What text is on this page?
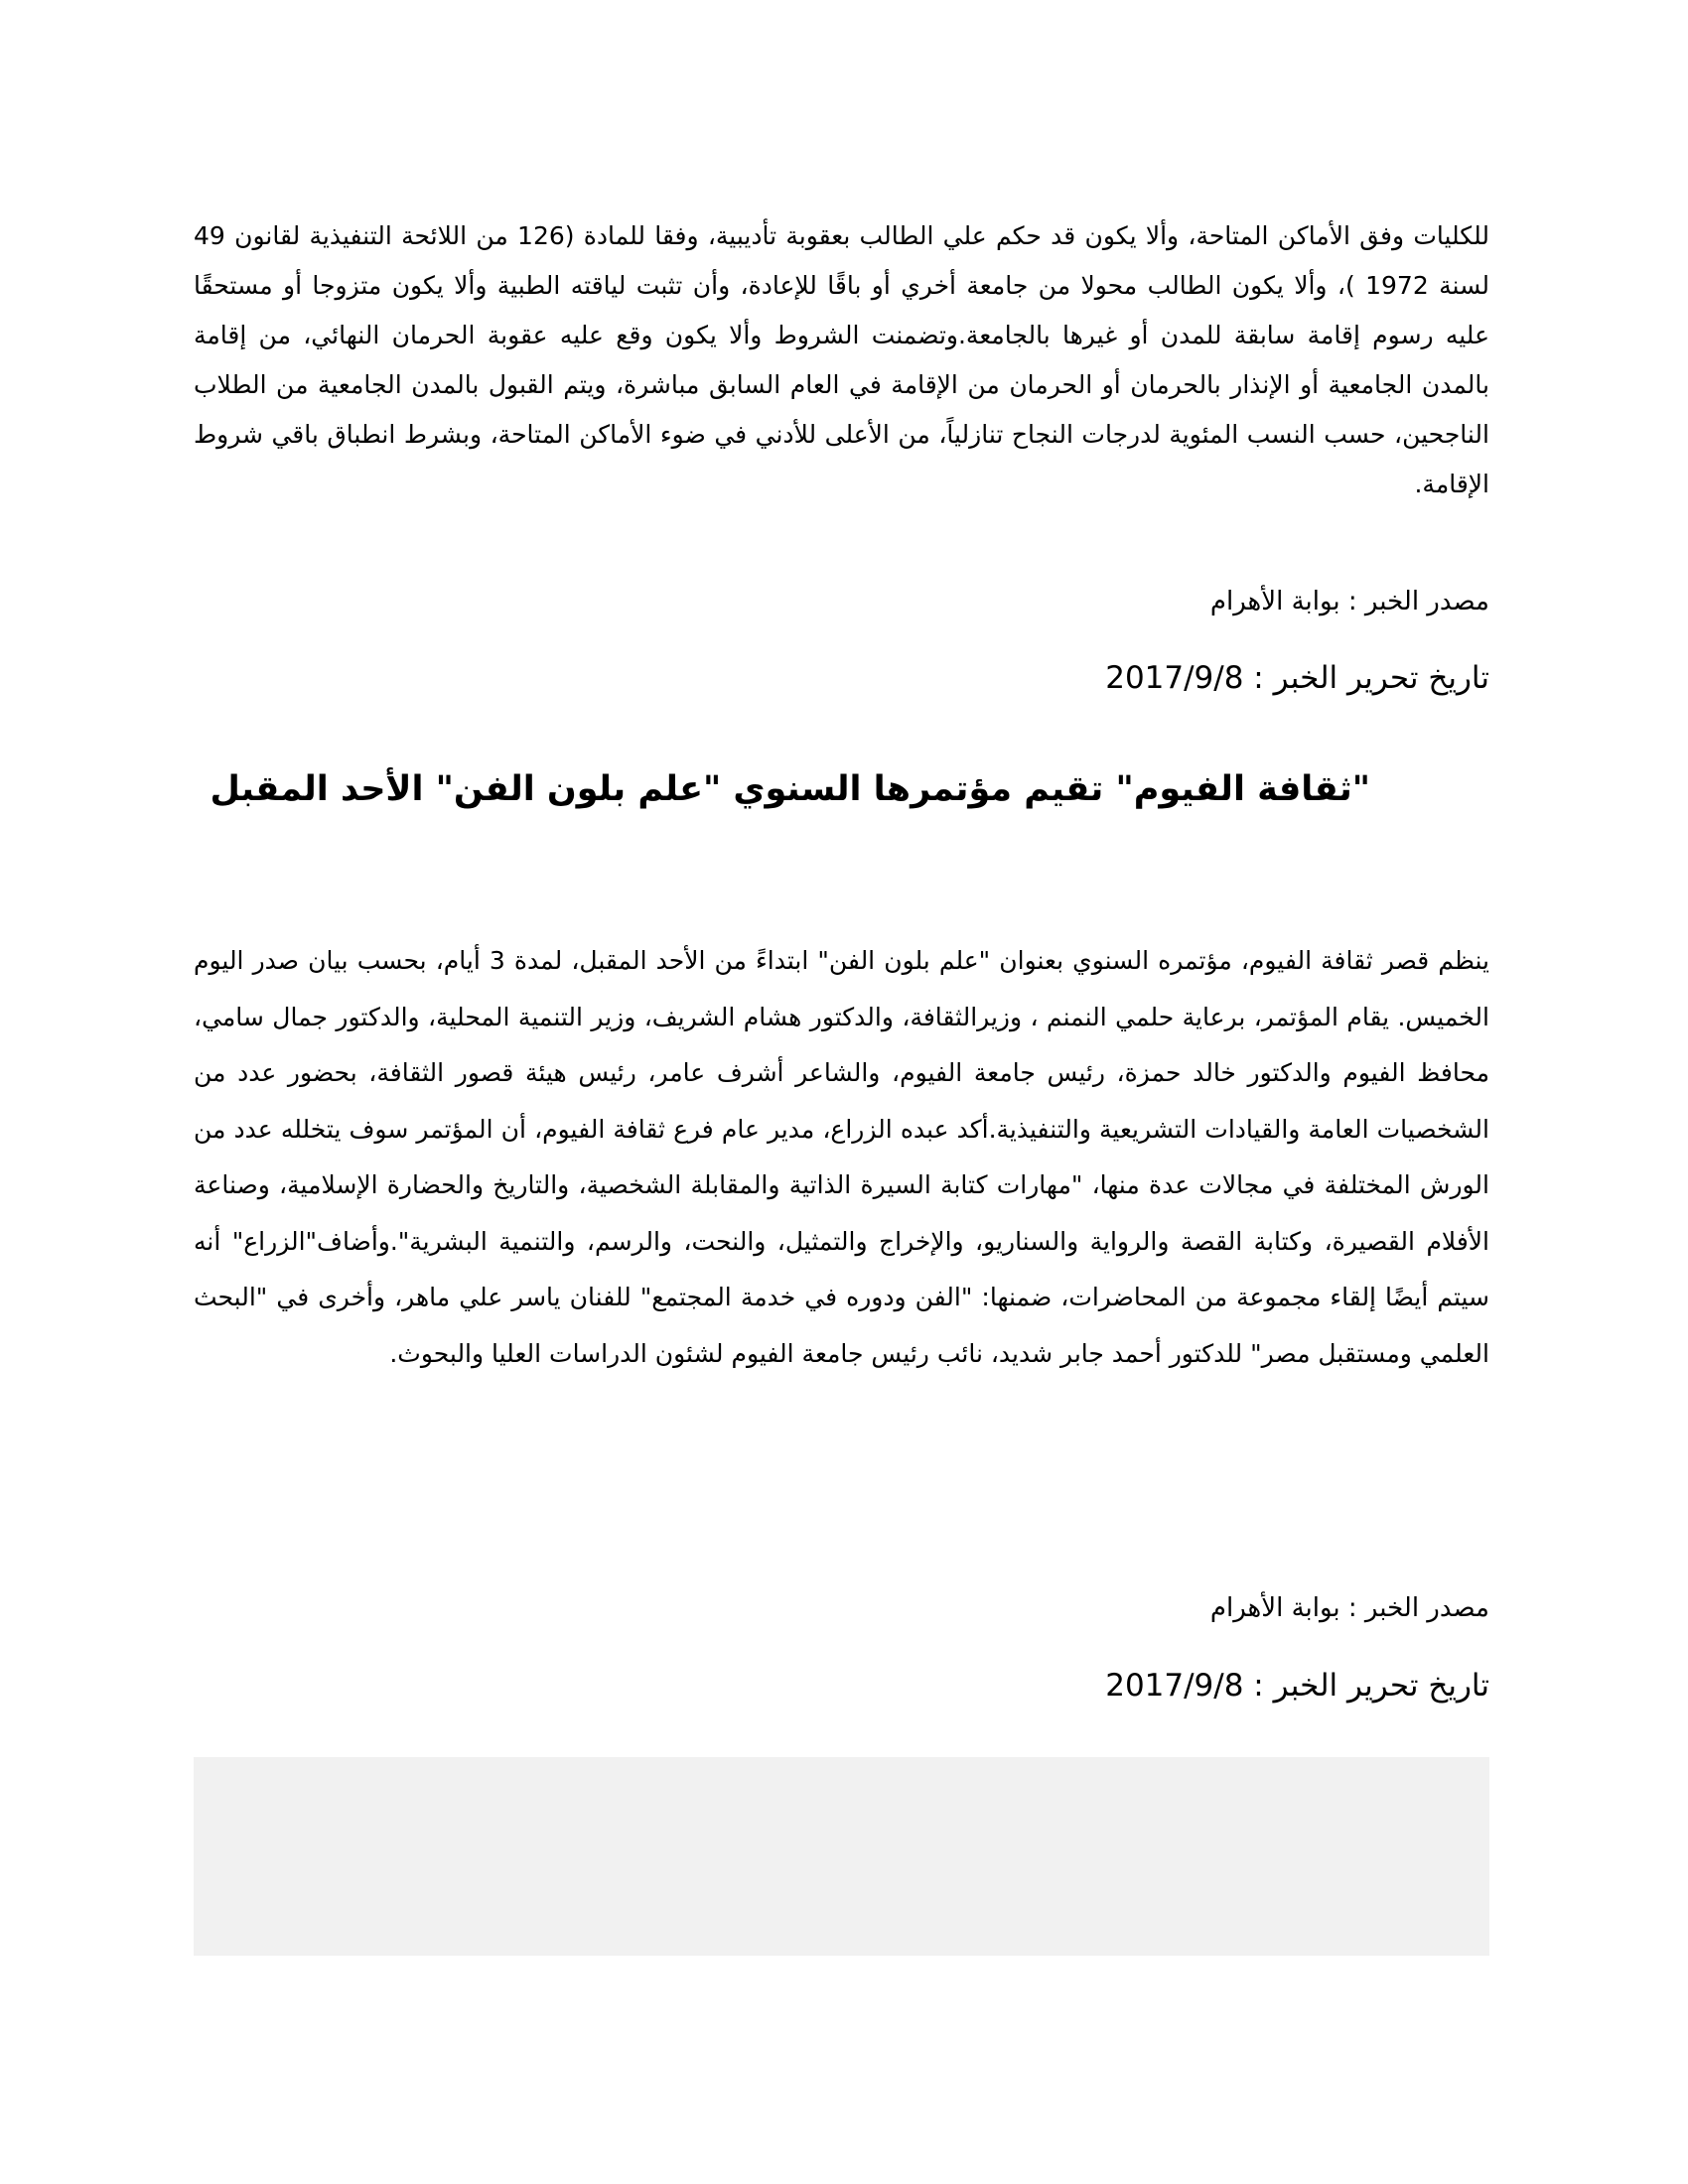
للكليات وفق الأماكن المتاحة، وألا يكون قد حكم علي الطالب بعقوبة تأديبية، وفقا للمادة (126 من اللائحة التنفيذية لقانون 49 لسنة 1972 )، وألا يكون الطالب محولا من جامعة أخري أو باقًا للإعادة، وأن تثبت لياقته الطبية وألا يكون متزوجا أو مستحقًا عليه رسوم إقامة سابقة للمدن أو غيرها بالجامعة.وتضمنت الشروط وألا يكون وقع عليه عقوبة الحرمان النهائي، من إقامة بالمدن الجامعية أو الإنذار بالحرمان أو الحرمان من الإقامة في العام السابق مباشرة، ويتم القبول بالمدن الجامعية من الطلاب الناجحين، حسب النسب المئوية لدرجات النجاح تنازلياً، من الأعلى للأدني في ضوء الأماكن المتاحة، وبشرط انطباق باقي شروط الإقامة.

مصدر الخبر : بوابة الأهرام
تاريخ تحرير الخبر : 2017/9/8
"ثقافة الفيوم" تقيم مؤتمرها السنوي "علم بلون الفن" الأحد المقبل

ينظم قصر ثقافة الفيوم، مؤتمره السنوي بعنوان "علم بلون الفن" ابتداءً من الأحد المقبل، لمدة 3 أيام، بحسب بيان صدر اليوم الخميس. يقام المؤتمر، برعاية حلمي النمنم ، وزيرالثقافة، والدكتور هشام الشريف، وزير التنمية المحلية، والدكتور جمال سامي، محافظ الفيوم والدكتور خالد حمزة، رئيس جامعة الفيوم، والشاعر أشرف عامر، رئيس هيئة قصور الثقافة، بحضور عدد من الشخصيات العامة والقيادات التشريعية والتنفيذية.أكد عبده الزراع، مدير عام فرع ثقافة الفيوم، أن المؤتمر سوف يتخلله عدد من الورش المختلفة في مجالات عدة منها، "مهارات كتابة السيرة الذاتية والمقابلة الشخصية، والتاريخ والحضارة الإسلامية، وصناعة الأفلام القصيرة، وكتابة القصة والرواية والسناريو، والإخراج والتمثيل، والنحت، والرسم، والتنمية البشرية".وأضاف"الزراع" أنه سيتم أيضًا إلقاء مجموعة من المحاضرات، ضمنها: "الفن ودوره في خدمة المجتمع" للفنان ياسر علي ماهر، وأخرى في "البحث العلمي ومستقبل مصر" للدكتور أحمد جابر شديد، نائب رئيس جامعة الفيوم لشئون الدراسات العليا والبحوث.

مصدر الخبر : بوابة الأهرام
تاريخ تحرير الخبر : 2017/9/8
